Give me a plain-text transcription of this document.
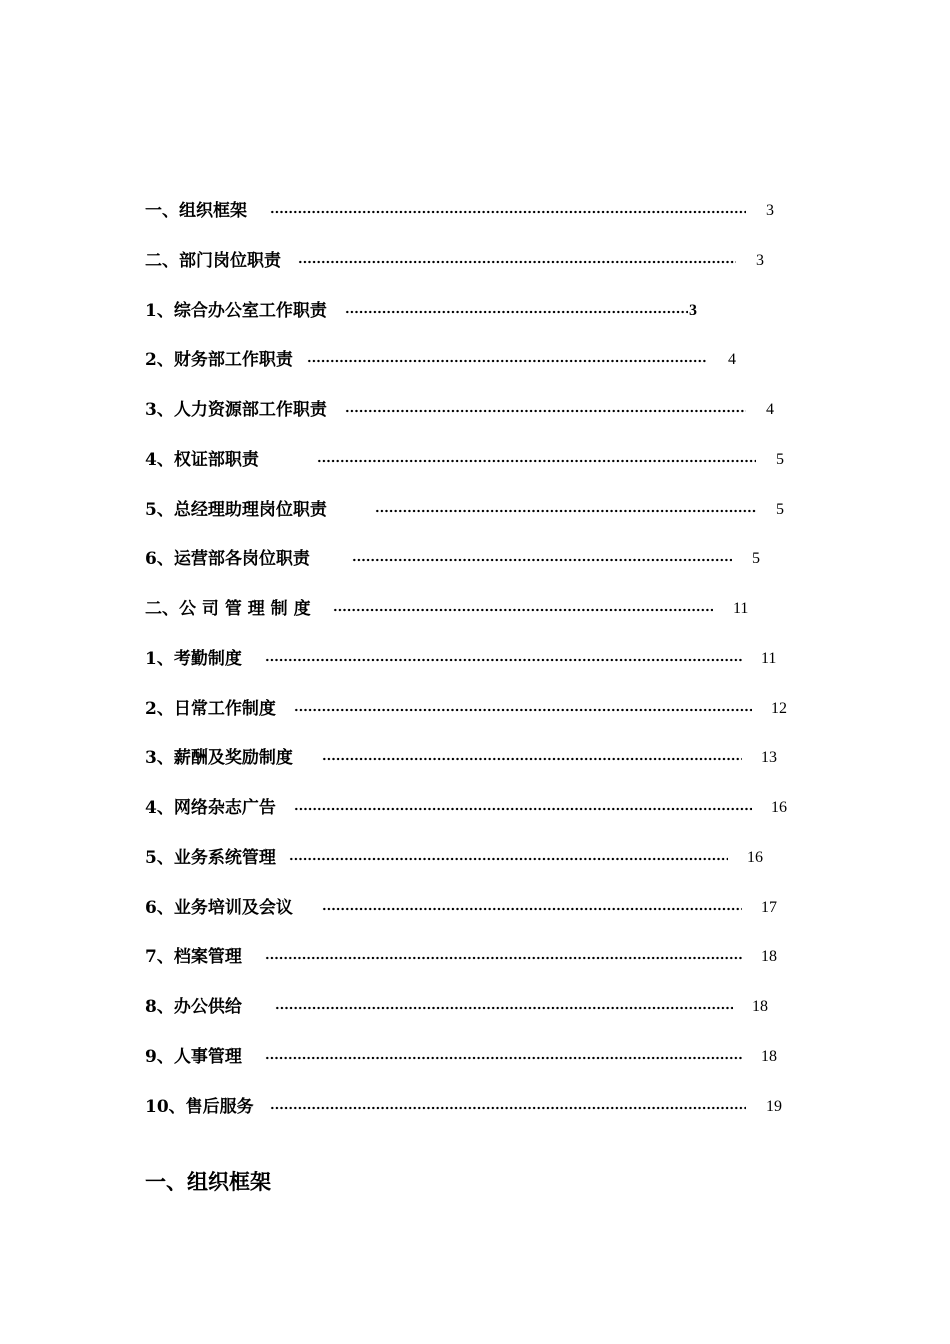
一、组织框架	3
二、部门岗位职责	3
1、综合办公室工作职责	3
2、财务部工作职责	4
3、人力资源部工作职责	4
4、权证部职责	5
5、总经理助理岗位职责	5
6、运营部各岗位职责	5
二、公 司 管 理 制 度	11
1、考勤制度	11
2、日常工作制度	12
3、薪酬及奖励制度	13
4、网络杂志广告	16
5、业务系统管理	16
6、业务培训及会议	17
7、档案管理	18
8、办公供给	18
9、人事管理	18
10、售后服务	19
一、组织框架
